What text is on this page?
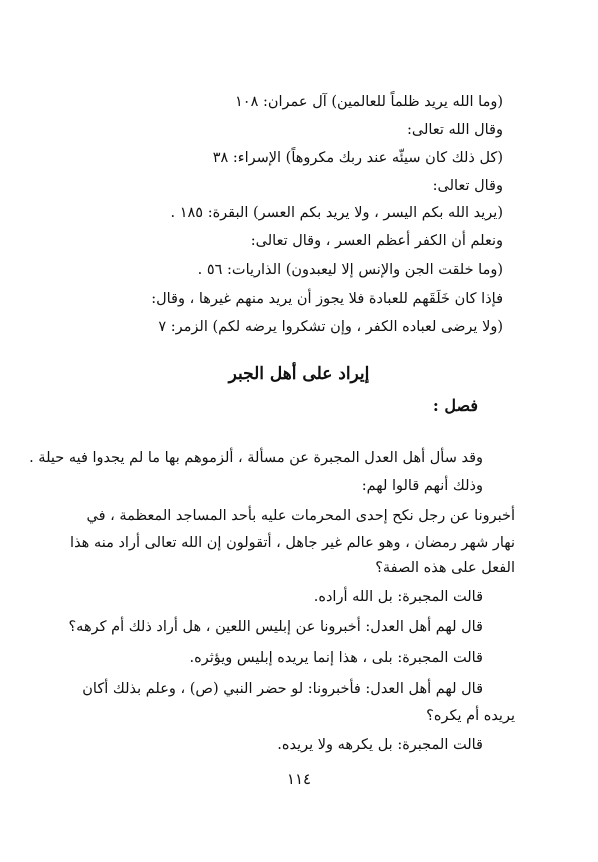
(وما الله يريد ظلماً للعالمين) آل عمران: ١٠٨
وقال الله تعالى:
(كل ذلك كان سيئّه عند ربك مكروهاً) الإسراء: ٣٨
وقال تعالى:
(يريد الله بكم اليسر ، ولا يريد بكم العسر) البقرة: ١٨٥ .
ونعلم أن الكفر أعظم العسر ، وقال تعالى:
(وما خلقت الجن والإنس إلا ليعبدون) الذاريات: ٥٦ .
فإذا كان خَلَقَهم للعبادة فلا يجوز أن يريد منهم غيرها ، وقال:
(ولا يرضى لعباده الكفر ، وإن تشكروا يرضه لكم) الزمر: ٧
إيراد على أهل الجبر
فصل :
وقد سأل أهل العدل المجبرة عن مسألة ، ألزموهم بها ما لم يجدوا فيه حيلة .
وذلك أنهم قالوا لهم:
أخبرونا عن رجل نكح إحدى المحرمات عليه بأحد المساجد المعظمة ، في
نهار شهر رمضان ، وهو عالم غير جاهل ، أتقولون إن الله تعالى أراد منه هذا
الفعل على هذه الصفة؟
قالت المجبرة: بل الله أراده.
قال لهم أهل العدل: أخبرونا عن إبليس اللعين ، هل أراد ذلك أم كرهه؟
قالت المجبرة: بلى ، هذا إنما يريده إبليس ويؤثره.
قال لهم أهل العدل: فأخبرونا: لو حضر النبي (ص) ، وعلم بذلك أكان
يريده أم يكره؟
قالت المجبرة: بل يكرهه ولا يريده.
١١٤
